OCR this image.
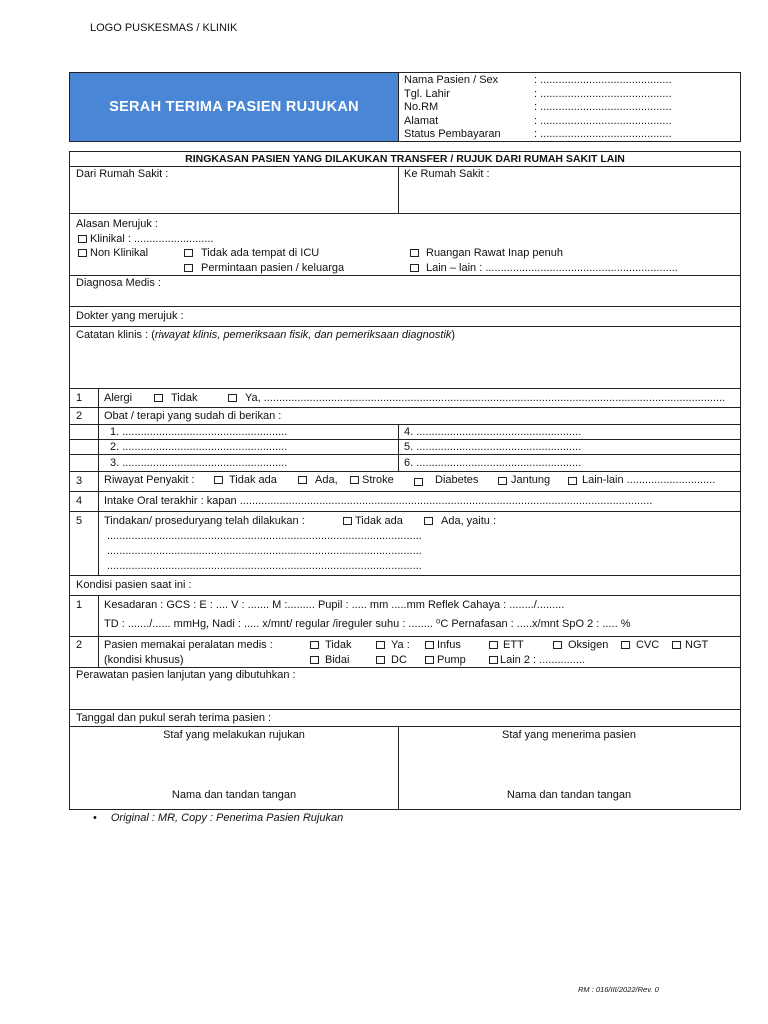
LOGO PUSKESMAS / KLINIK
SERAH TERIMA PASIEN RUJUKAN
Nama Pasien / Sex	: ...........................................
Tgl. Lahir	: ...........................................
No.RM	: ...........................................
Alamat	: ...........................................
Status Pembayaran	: ...........................................
RINGKASAN PASIEN YANG DILAKUKAN TRANSFER / RUJUK DARI RUMAH SAKIT LAIN
Dari Rumah Sakit :	Ke Rumah Sakit :
Alasan Merujuk :
Klinikal : ..........................
Non Klinikal	Tidak ada tempat di ICU
Permintaan pasien / keluarga
Ruangan Rawat Inap penuh
Lain – lain : ...............................................................
Diagnosa Medis :
Dokter yang merujuk :
Catatan klinis : (riwayat klinis, pemeriksaan fisik, dan pemeriksaan diagnostik)
1 Alergi	Tidak	Ya, .......................................................................................................................................................
2 Obat / terapi yang sudah di berikan :
1. ......................................................	4. ......................................................
2. ......................................................	5. ......................................................
3. ......................................................	6. ......................................................
3 Riwayat Penyakit :	Tidak ada	Ada,	Stroke	Diabetes	Jantung	Lain-lain .............................
4 Intake Oral terakhir : kapan .......................................................................................................................................
5 Tindakan/ proseduryang telah dilakukan :	Tidak ada	Ada, yaitu :
.......................................................................................................
.......................................................................................................
.......................................................................................................
Kondisi pasien saat ini :
1 Kesadaran : GCS : E : .... V : ....... M :......... Pupil : ..... mm .....mm Reflek Cahaya : ......../.........
TD : ......./...... mmHg, Nadi : ..... x/mnt/ regular /ireguler suhu : ........ ⁰C Pernafasan : .....x/mnt SpO 2 : ..... %
2 Pasien memakai peralatan medis :
(kondisi khusus)
Tidak	Ya :	Infus	ETT	Oksigen	CVC	NGT
Bidai	DC	Pump	Lain 2 : ...............
Perawatan pasien lanjutan yang dibutuhkan :
Tanggal dan pukul serah terima pasien :
Staf yang melakukan rujukan	Staf yang menerima pasien
Nama dan tandan tangan	Nama dan tandan tangan
• Original : MR, Copy : Penerima Pasien Rujukan
RM : 016/III/2022/Rev. 0
